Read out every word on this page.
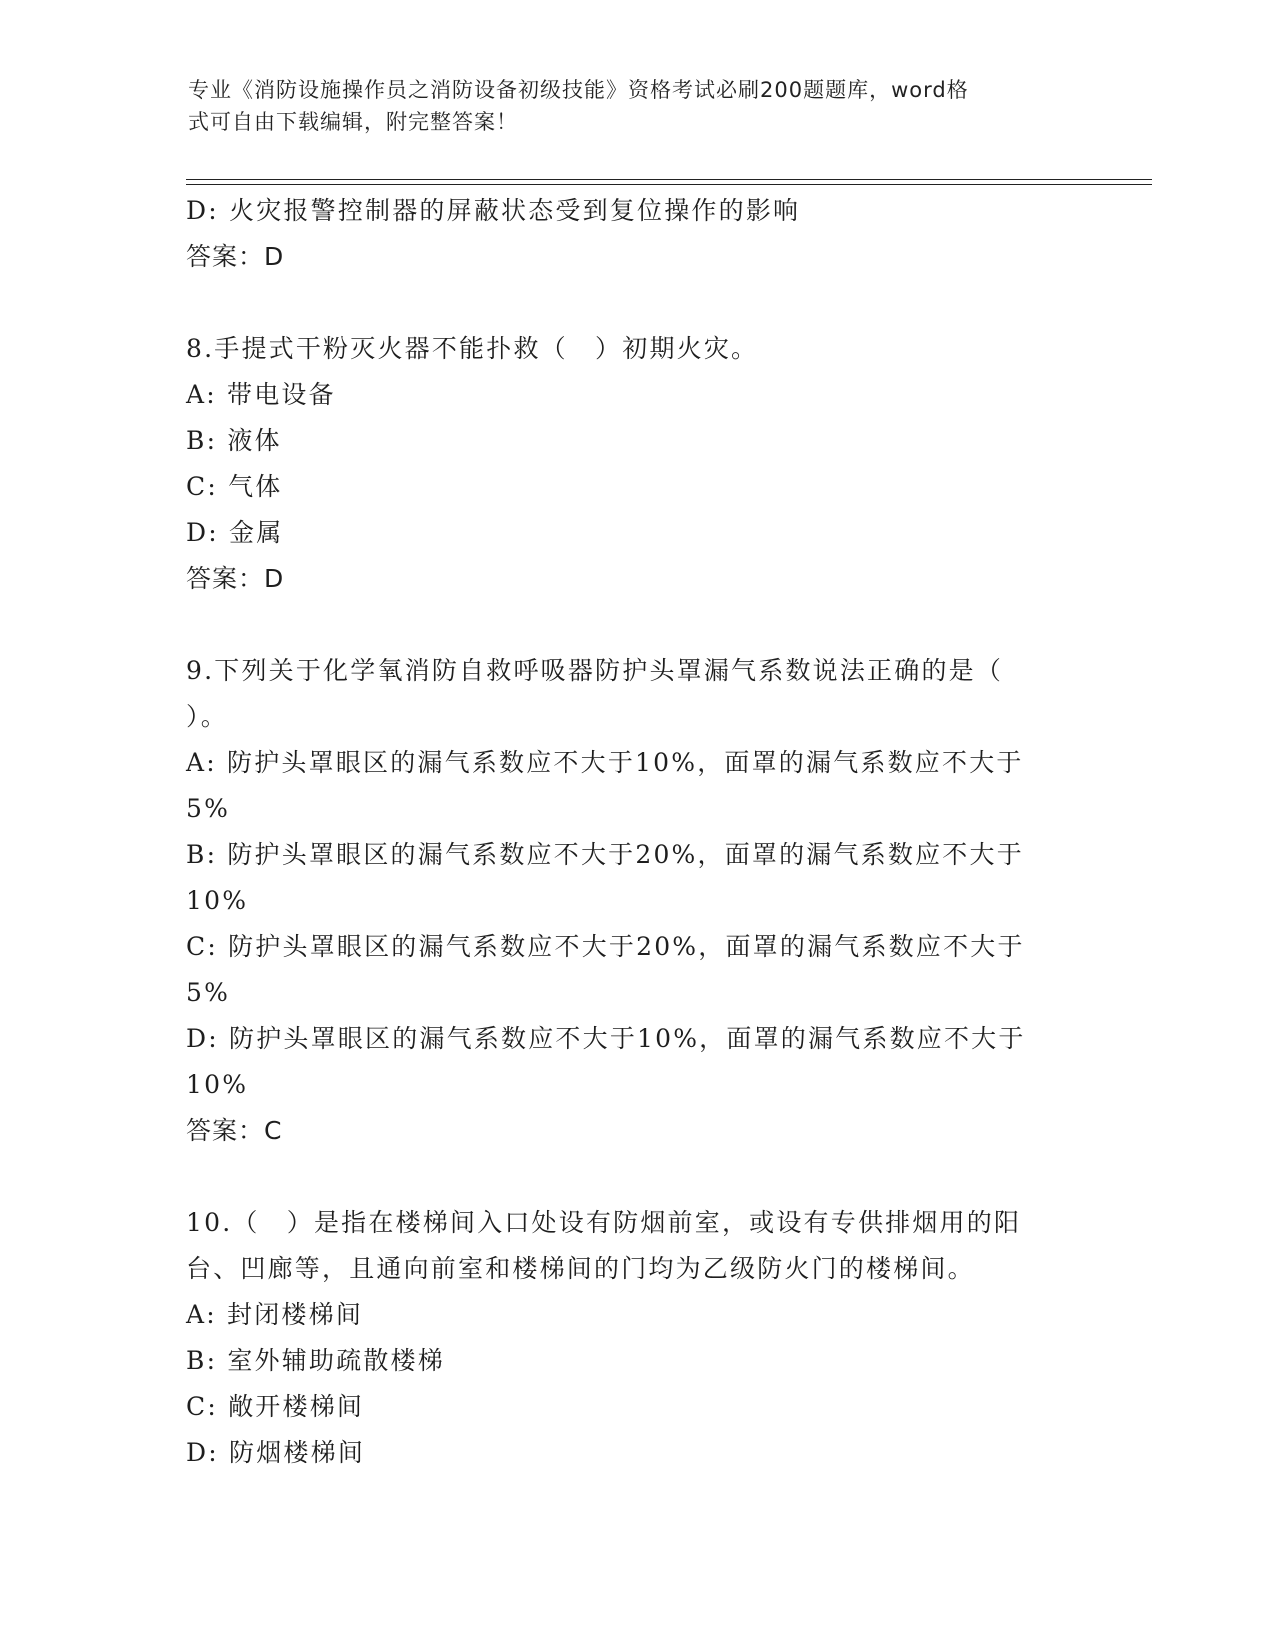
专业《消防设施操作员之消防设备初级技能》资格考试必刷200题题库，word格
式可自由下载编辑，附完整答案！
D: 火灾报警控制器的屏蔽状态受到复位操作的影响
答案：D
8.手提式干粉灭火器不能扑救（　）初期火灾。
A: 带电设备
B: 液体
C: 气体
D: 金属
答案：D
9.下列关于化学氧消防自救呼吸器防护头罩漏气系数说法正确的是（
）。
A: 防护头罩眼区的漏气系数应不大于10%，面罩的漏气系数应不大于
5%
B: 防护头罩眼区的漏气系数应不大于20%，面罩的漏气系数应不大于
10%
C: 防护头罩眼区的漏气系数应不大于20%，面罩的漏气系数应不大于
5%
D: 防护头罩眼区的漏气系数应不大于10%，面罩的漏气系数应不大于
10%
答案：C
10.（　）是指在楼梯间入口处设有防烟前室，或设有专供排烟用的阳
台、凹廊等，且通向前室和楼梯间的门均为乙级防火门的楼梯间。
A: 封闭楼梯间
B: 室外辅助疏散楼梯
C: 敞开楼梯间
D: 防烟楼梯间
